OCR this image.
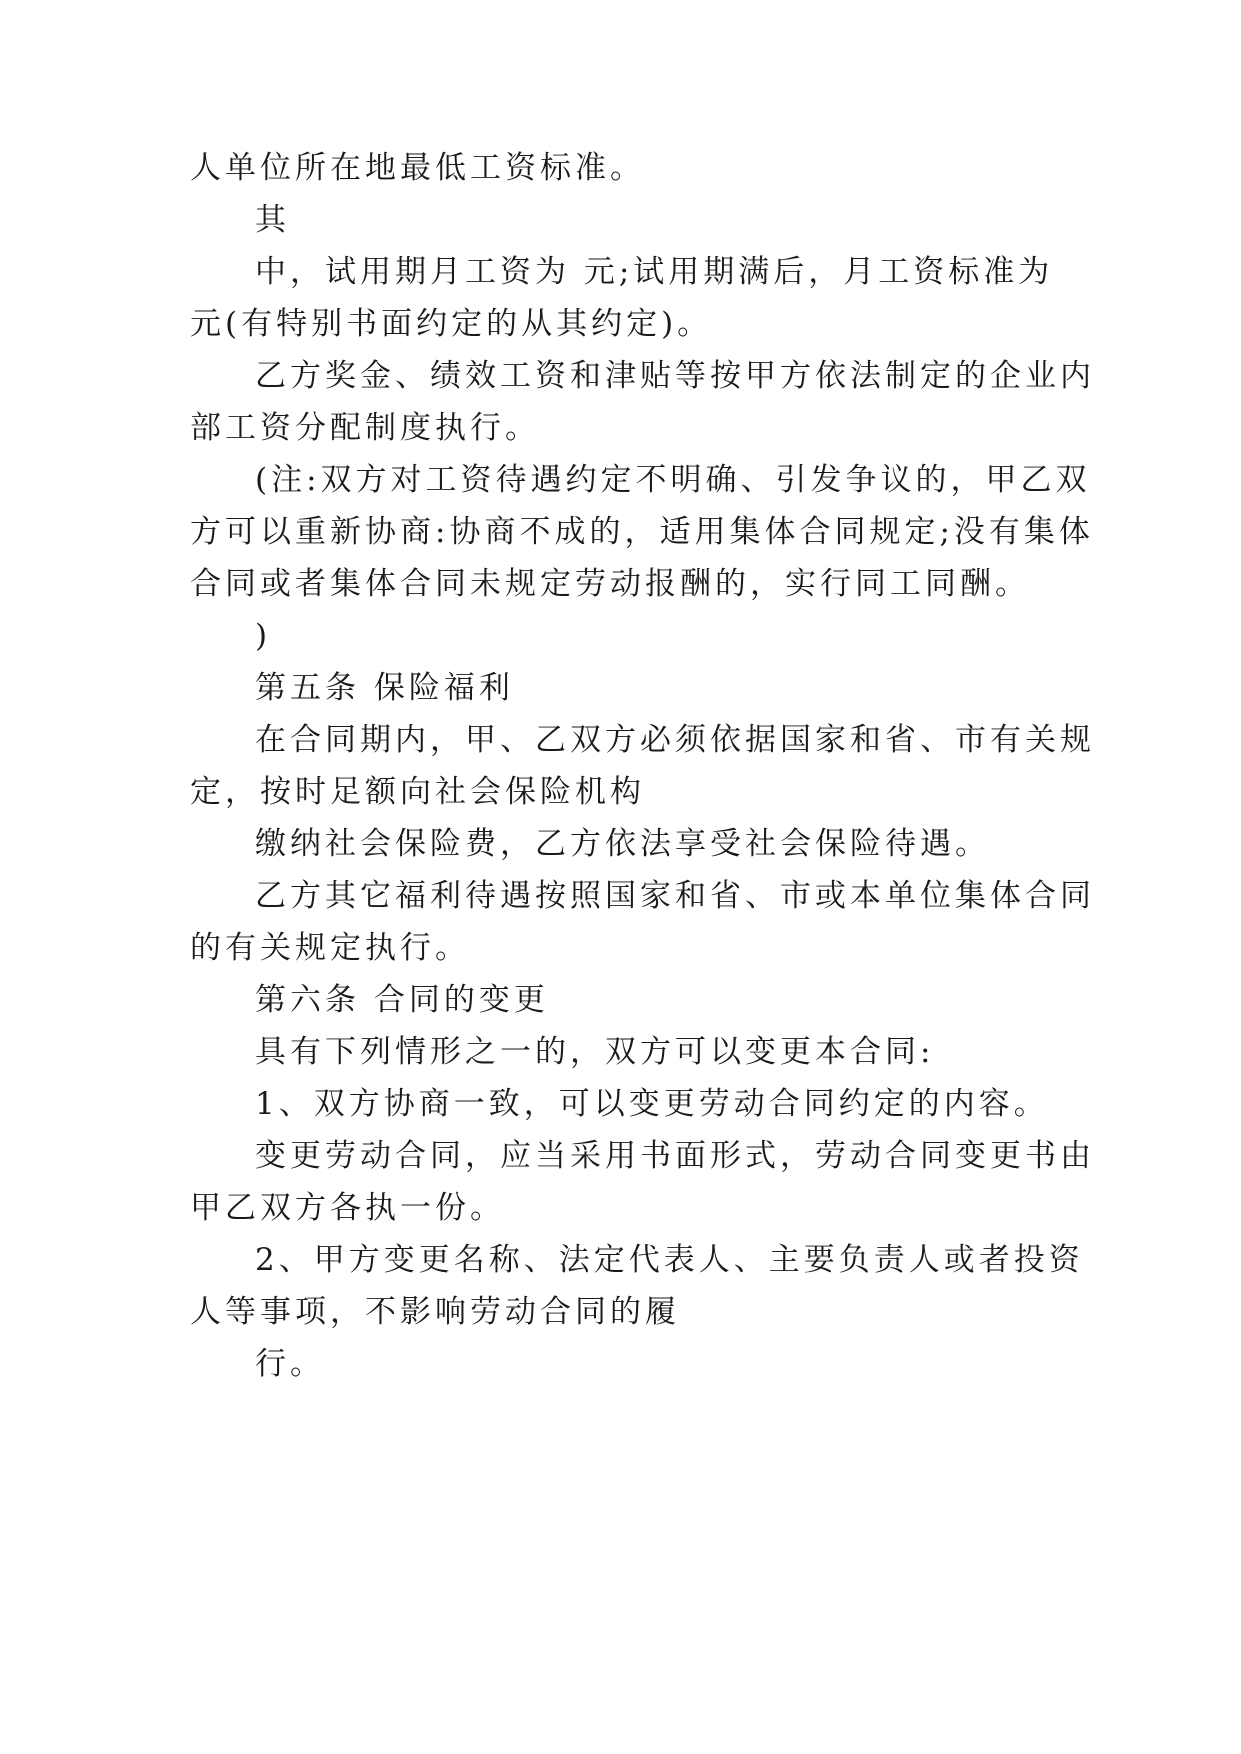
人单位所在地最低工资标准。
其
中，试用期月工资为 元;试用期满后，月工资标准为
元(有特别书面约定的从其约定)。
乙方奖金、绩效工资和津贴等按甲方依法制定的企业内
部工资分配制度执行。
(注:双方对工资待遇约定不明确、引发争议的，甲乙双
方可以重新协商:协商不成的，适用集体合同规定;没有集体
合同或者集体合同未规定劳动报酬的，实行同工同酬。
)
第五条 保险福利
在合同期内，甲、乙双方必须依据国家和省、市有关规
定，按时足额向社会保险机构
缴纳社会保险费，乙方依法享受社会保险待遇。
乙方其它福利待遇按照国家和省、市或本单位集体合同
的有关规定执行。
第六条 合同的变更
具有下列情形之一的，双方可以变更本合同:
1、双方协商一致，可以变更劳动合同约定的内容。
变更劳动合同，应当采用书面形式，劳动合同变更书由
甲乙双方各执一份。
2、甲方变更名称、法定代表人、主要负责人或者投资
人等事项，不影响劳动合同的履
行。
